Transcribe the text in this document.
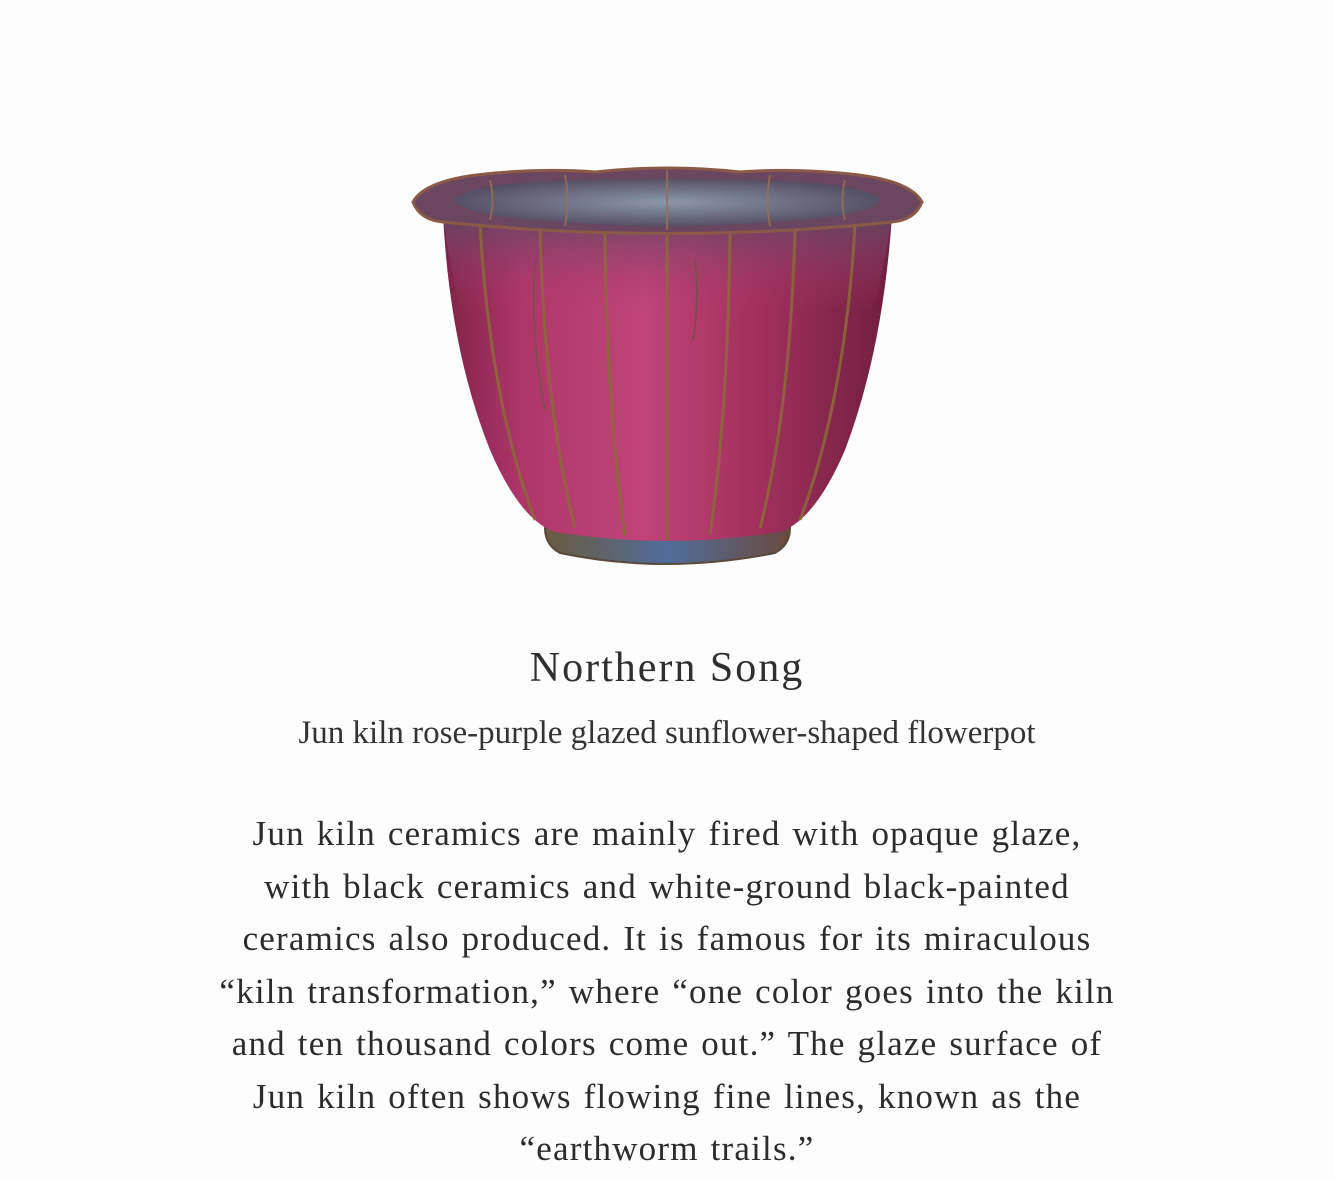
Northern Song
Jun kiln rose-purple glazed sunflower-shaped flowerpot

Jun kiln ceramics are mainly fired with opaque glaze,
with black ceramics and white-ground black-painted
ceramics also produced. It is famous for its miraculous
“kiln transformation,” where “one color goes into the kiln
and ten thousand colors come out.” The glaze surface of
Jun kiln often shows flowing fine lines, known as the
“earthworm trails.”
